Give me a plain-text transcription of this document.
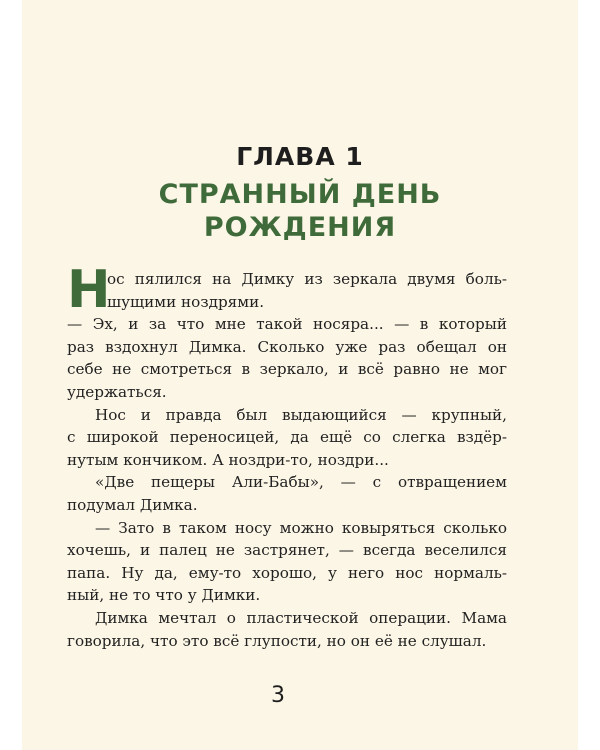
ГЛАВА 1
СТРАННЫЙ ДЕНЬ
РОЖДЕНИЯ
Н
ос пялился на Димку из зеркала двумя боль-
шущими ноздрями.
— Эх, и за что мне такой носяра... — в который
раз вздохнул Димка. Сколько уже раз обещал он
себе не смотреться в зеркало, и всё равно не мог
удержаться.
Нос и правда был выдающийся — крупный,
с широкой переносицей, да ещё со слегка вздёр-
нутым кончиком. А ноздри-то, ноздри...
«Две пещеры Али-Бабы», — с отвращением
подумал Димка.
— Зато в таком носу можно ковыряться сколько
хочешь, и палец не застрянет, — всегда веселился
папа. Ну да, ему-то хорошо, у него нос нормаль-
ный, не то что у Димки.
Димка мечтал о пластической операции. Мама
говорила, что это всё глупости, но он её не слушал.
3
